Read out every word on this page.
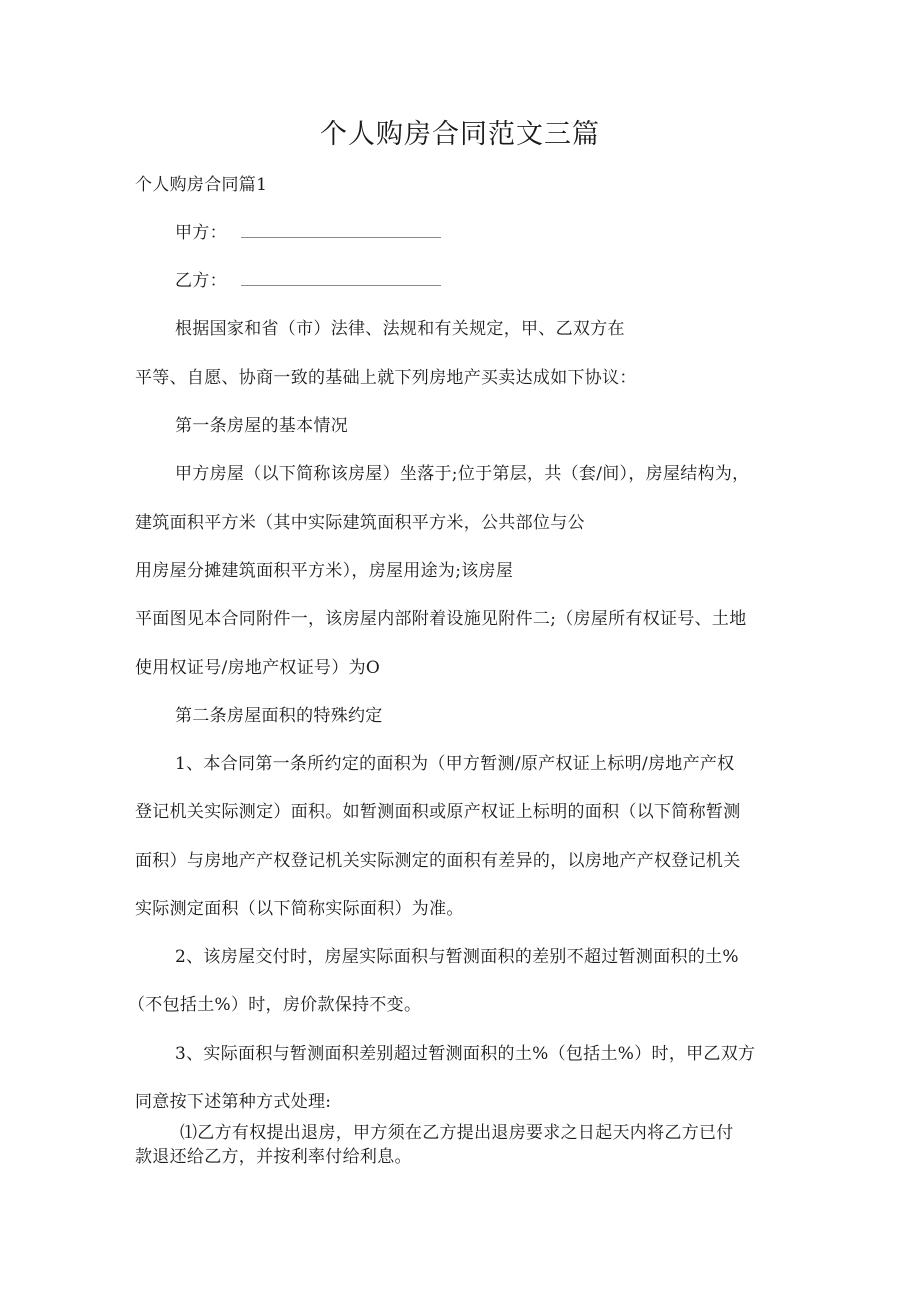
个人购房合同范文三篇
个人购房合同篇1
甲方：
乙方：
根据国家和省（市）法律、法规和有关规定，甲、乙双方在
平等、自愿、协商一致的基础上就下列房地产买卖达成如下协议：
第一条房屋的基本情况
甲方房屋（以下简称该房屋）坐落于;位于第层，共（套/间），房屋结构为，
建筑面积平方米（其中实际建筑面积平方米，公共部位与公
用房屋分摊建筑面积平方米），房屋用途为;该房屋
平面图见本合同附件一，该房屋内部附着设施见附件二;（房屋所有权证号、土地
使用权证号/房地产权证号）为O
第二条房屋面积的特殊约定
1、本合同第一条所约定的面积为（甲方暂测/原产权证上标明/房地产产权
登记机关实际测定）面积。如暂测面积或原产权证上标明的面积（以下简称暂测
面积）与房地产产权登记机关实际测定的面积有差异的，以房地产产权登记机关
实际测定面积（以下简称实际面积）为准。
2、该房屋交付时，房屋实际面积与暂测面积的差别不超过暂测面积的土%
（不包括土%）时，房价款保持不变。
3、实际面积与暂测面积差别超过暂测面积的土%（包括土%）时，甲乙双方
同意按下述第种方式处理:
⑴乙方有权提出退房，甲方须在乙方提出退房要求之日起天内将乙方已付
款退还给乙方，并按利率付给利息。
